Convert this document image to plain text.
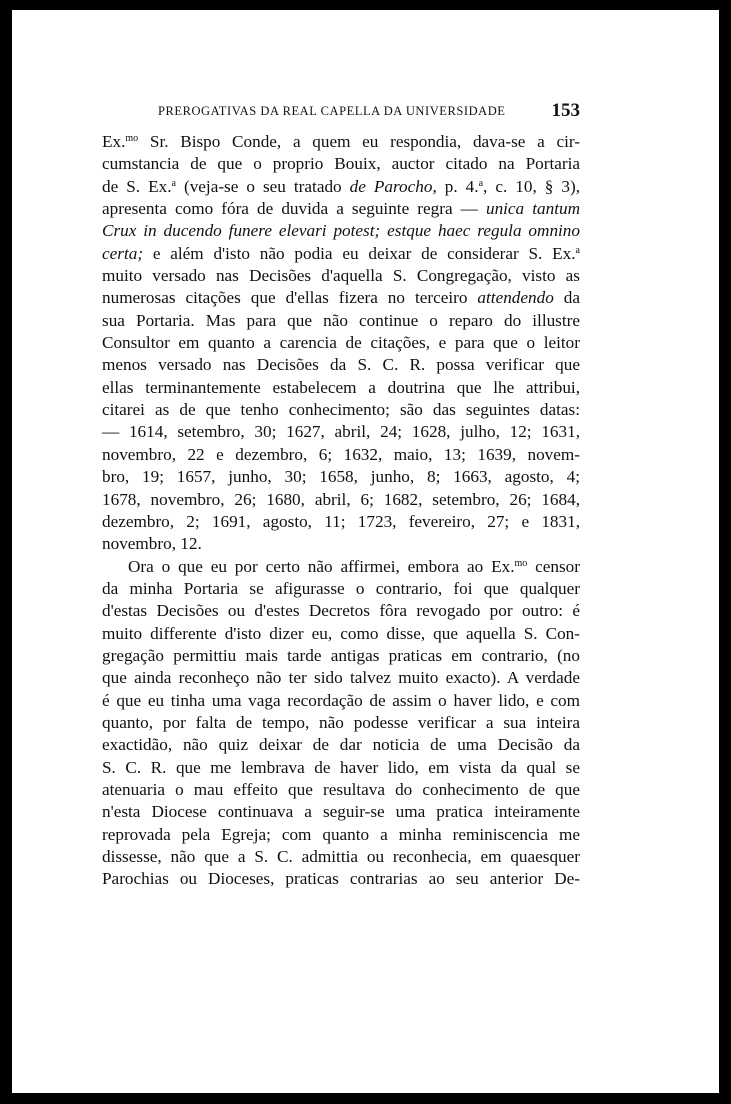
PREROGATIVAS DA REAL CAPELLA DA UNIVERSIDADE 153
Ex.$^{mo}$ Sr. Bispo Conde, a quem eu respondia, dava-se a cir-
cumstancia de que o proprio Bouix, auctor citado na Portaria
de S. Ex.$^a$ (veja-se o seu tratado de Parocho, p. 4.$^a$, c. 10, § 3),
apresenta como fóra de duvida a seguinte regra — unica tantum
Crux in ducendo funere elevari potest; estque haec regula omnino
certa; e além d'isto não podia eu deixar de considerar S. Ex.$^a$
muito versado nas Decisões d'aquella S. Congregação, visto as
numerosas citações que d'ellas fizera no terceiro attendendo da
sua Portaria. Mas para que não continue o reparo do illustre
Consultor em quanto a carencia de citações, e para que o leitor
menos versado nas Decisões da S. C. R. possa verificar que
ellas terminantemente estabelecem a doutrina que lhe attribui,
citarei as de que tenho conhecimento; são das seguintes datas:
— 1614, setembro, 30; 1627, abril, 24; 1628, julho, 12; 1631,
novembro, 22 e dezembro, 6; 1632, maio, 13; 1639, novem-
bro, 19; 1657, junho, 30; 1658, junho, 8; 1663, agosto, 4;
1678, novembro, 26; 1680, abril, 6; 1682, setembro, 26; 1684,
dezembro, 2; 1691, agosto, 11; 1723, fevereiro, 27; e 1831,
novembro, 12.
Ora o que eu por certo não affirmei, embora ao Ex.$^{mo}$ censor
da minha Portaria se afigurasse o contrario, foi que qualquer
d'estas Decisões ou d'estes Decretos fôra revogado por outro: é
muito differente d'isto dizer eu, como disse, que aquella S. Con-
gregação permittiu mais tarde antigas praticas em contrario, (no
que ainda reconheço não ter sido talvez muito exacto). A verdade
é que eu tinha uma vaga recordação de assim o haver lido, e com
quanto, por falta de tempo, não podesse verificar a sua inteira
exactidão, não quiz deixar de dar noticia de uma Decisão da
S. C. R. que me lembrava de haver lido, em vista da qual se
atenuaria o mau effeito que resultava do conhecimento de que
n'esta Diocese continuava a seguir-se uma pratica inteiramente
reprovada pela Egreja; com quanto a minha reminiscencia me
dissesse, não que a S. C. admittia ou reconhecia, em quaesquer
Parochias ou Dioceses, praticas contrarias ao seu anterior De-
